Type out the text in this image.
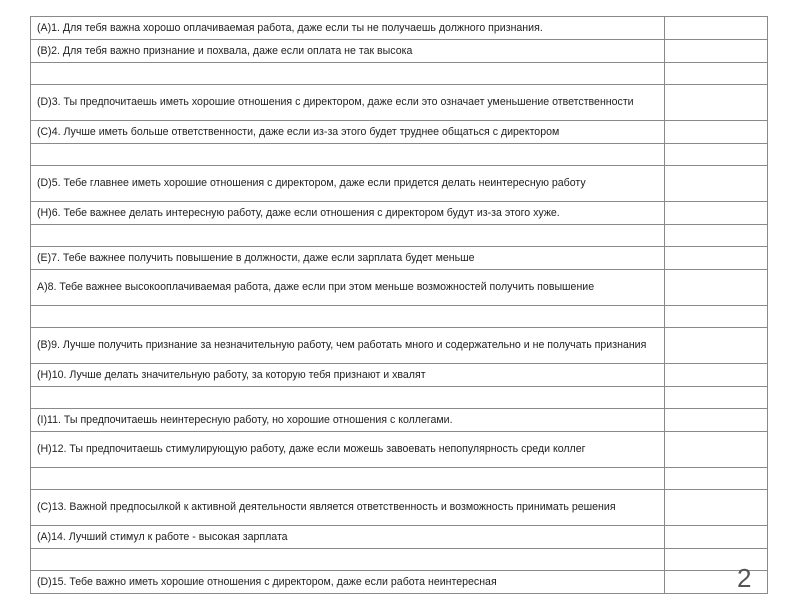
(А)1. Для тебя важна хорошо оплачиваемая работа, даже если ты не получаешь должного признания.	
(В)2. Для тебя важно признание и похвала, даже если оплата не так высока	

(D)3. Ты предпочитаешь иметь хорошие отношения с директором, даже если это означает уменьшение ответственности	
(С)4. Лучше иметь больше ответственности, даже если из-за этого будет труднее общаться с директором	

(D)5. Тебе главнее иметь хорошие отношения с директором, даже если придется делать неинтересную работу	
(Н)6. Тебе важнее делать интересную работу, даже если отношения с директором будут из-за этого хуже.	

(Е)7. Тебе важнее получить повышение в должности, даже если зарплата будет меньше	
А)8. Тебе важнее высокооплачиваемая работа, даже если при этом меньше возможностей получить повышение	

(В)9. Лучше получить признание за незначительную работу, чем работать много и содержательно и не получать признания	
(Н)10. Лучше делать значительную работу, за которую тебя признают и хвалят	

(I)11. Ты предпочитаешь неинтересную работу, но хорошие отношения с коллегами.	
(Н)12. Ты предпочитаешь стимулирующую работу, даже если можешь завоевать непопулярность среди коллег	

(С)13. Важной предпосылкой к активной деятельности является ответственность и возможность принимать решения	
(А)14. Лучший стимул к работе - высокая зарплата	

(D)15. Тебе важно иметь хорошие отношения с директором, даже если работа неинтересная		2
